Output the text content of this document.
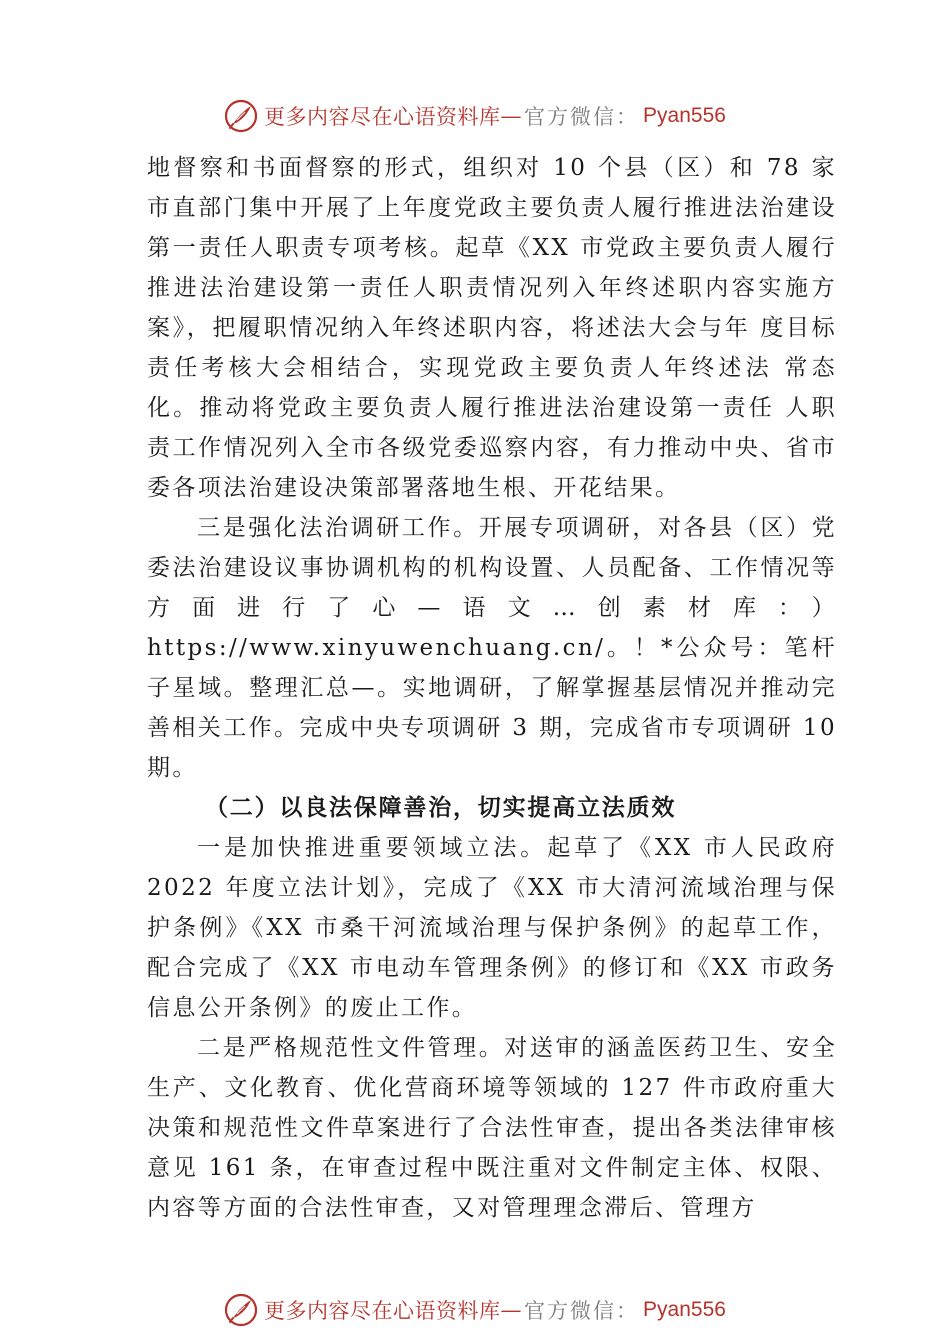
更多内容尽在心语资料库 — 官方微信： Pyan556

地督察和书面督察的形式，组织对 10 个县（区）和 78 家市直部门集中开展了上年度党政主要负责人履行推进法治建设第一责任人职责专项考核。起草《XX 市党政主要负责人履行推进法治建设第一责任人职责情况列入年终述职内容实施方案》，把履职情况纳入年终述职内容，将述法大会与年 度目标责任考核大会相结合，实现党政主要负责人年终述法 常态化。推动将党政主要负责人履行推进法治建设第一责任 人职责工作情况列入全市各级党委巡察内容，有力推动中央、省市委各项法治建设决策部署落地生根、开花结果。

三是强化法治调研工作。开展专项调研，对各县（区）党委法治建设议事协调机构的机构设置、人员配备、工作情况等方面进行了心—语文…创素材库：）https://www.xinyuwenchuang.cn/。！*公众号：笔杆子星域。整理汇总—。实地调研，了解掌握基层情况并推动完善相关工作。完成中央专项调研 3 期，完成省市专项调研 10 期。

（二）以良法保障善治，切实提高立法质效

一是加快推进重要领域立法。起草了《XX 市人民政府 2022 年度立法计划》，完成了《XX 市大清河流域治理与保护条例》《XX 市桑干河流域治理与保护条例》的起草工作，配合完成了《XX 市电动车管理条例》的修订和《XX 市政务信息公开条例》的废止工作。

二是严格规范性文件管理。对送审的涵盖医药卫生、安全生产、文化教育、优化营商环境等领域的 127 件市政府重大决策和规范性文件草案进行了合法性审查，提出各类法律审核意见 161 条，在审查过程中既注重对文件制定主体、权限、内容等方面的合法性审查，又对管理理念滞后、管理方

更多内容尽在心语资料库 — 官方微信： Pyan556
